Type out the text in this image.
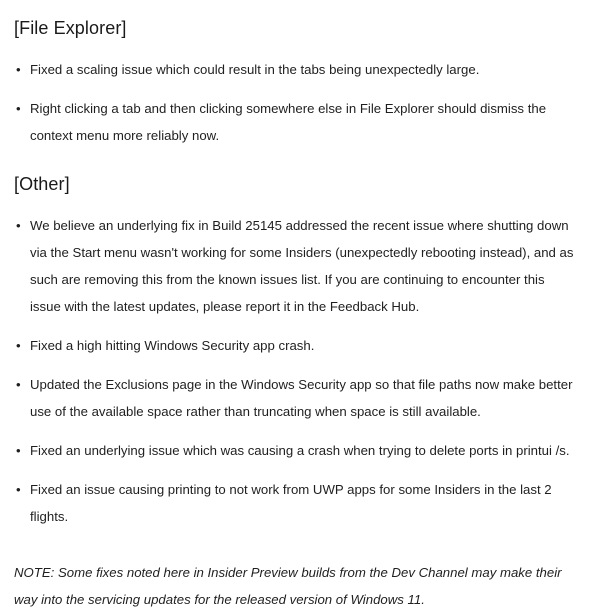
[File Explorer]
• Fixed a scaling issue which could result in the tabs being unexpectedly large.
• Right clicking a tab and then clicking somewhere else in File Explorer should dismiss the context menu more reliably now.
[Other]
• We believe an underlying fix in Build 25145 addressed the recent issue where shutting down via the Start menu wasn't working for some Insiders (unexpectedly rebooting instead), and as such are removing this from the known issues list. If you are continuing to encounter this issue with the latest updates, please report it in the Feedback Hub.
• Fixed a high hitting Windows Security app crash.
• Updated the Exclusions page in the Windows Security app so that file paths now make better use of the available space rather than truncating when space is still available.
• Fixed an underlying issue which was causing a crash when trying to delete ports in printui /s.
• Fixed an issue causing printing to not work from UWP apps for some Insiders in the last 2 flights.

NOTE: Some fixes noted here in Insider Preview builds from the Dev Channel may make their way into the servicing updates for the released version of Windows 11.
